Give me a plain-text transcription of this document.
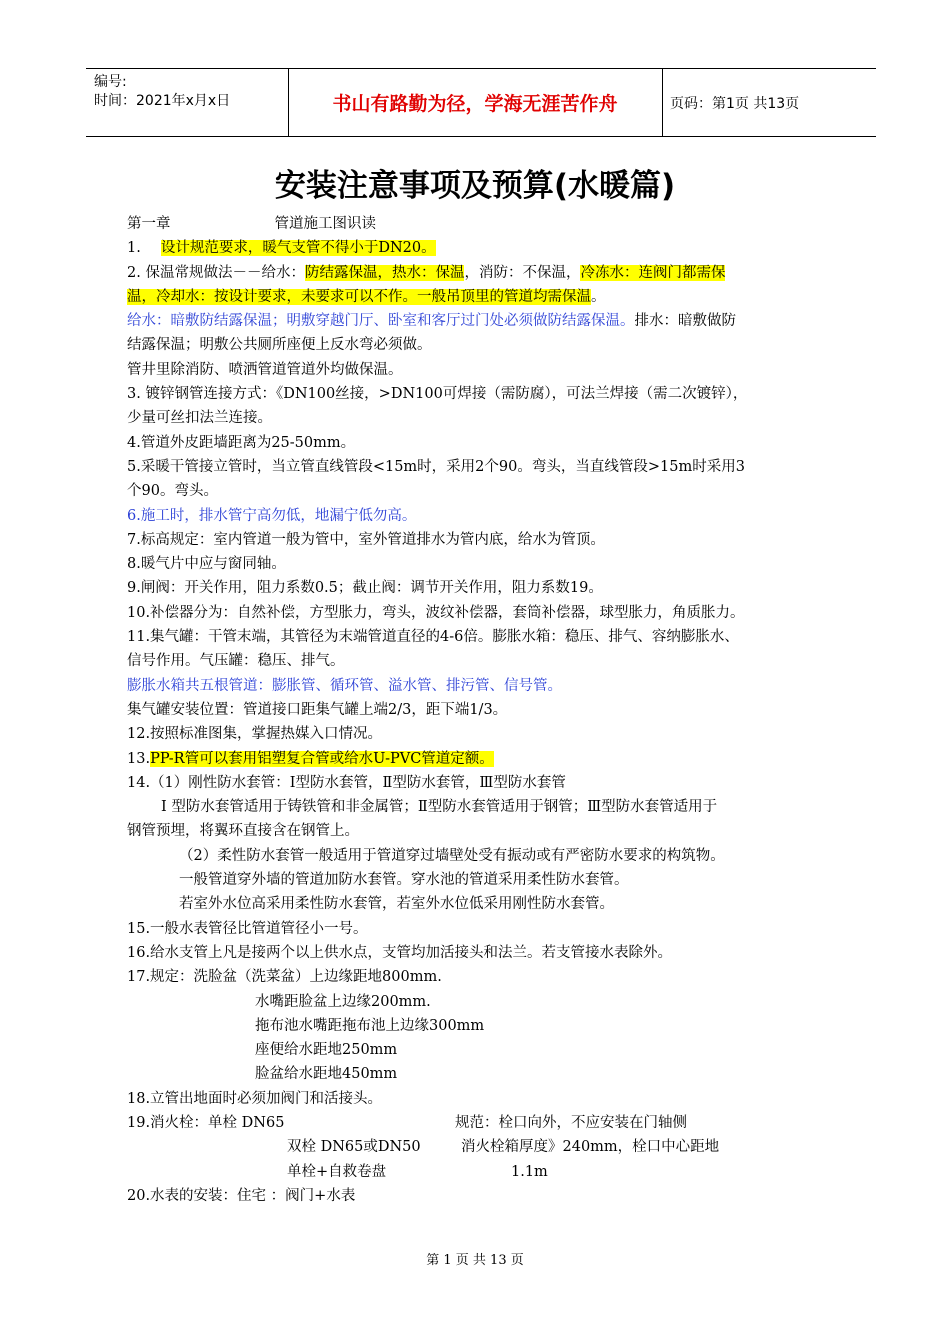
编号:
时间：2021年x月x日	书山有路勤为径，学海无涯苦作舟	页码：第1页 共13页
安装注意事项及预算(水暖篇)
第一章	管道施工图识读
1. 设计规范要求，暖气支管不得小于DN20。
2. 保温常规做法－－给水：防结露保温，热水：保温，消防：不保温，冷冻水：连阀门都需保
温，冷却水：按设计要求，未要求可以不作。一般吊顶里的管道均需保温。
给水：暗敷防结露保温；明敷穿越门厅、卧室和客厅过门处必须做防结露保温。排水：暗敷做防
结露保温；明敷公共厕所座便上反水弯必须做。
管井里除消防、喷洒管道管道外均做保温。
3. 镀锌钢管连接方式：《DN100丝接，>DN100可焊接（需防腐），可法兰焊接（需二次镀锌），
少量可丝扣法兰连接。
4.管道外皮距墙距离为25-50mm。
5.采暖干管接立管时，当立管直线管段<15m时，采用2个90。弯头，当直线管段>15m时采用3
个90。弯头。
6.施工时，排水管宁高勿低，地漏宁低勿高。
7.标高规定：室内管道一般为管中，室外管道排水为管内底，给水为管顶。
8.暖气片中应与窗同轴。
9.闸阀：开关作用，阻力系数0.5；截止阀：调节开关作用，阻力系数19。
10.补偿器分为：自然补偿，方型胀力，弯头，波纹补偿器，套筒补偿器，球型胀力，角质胀力。
11.集气罐：干管末端，其管径为末端管道直径的4-6倍。膨胀水箱：稳压、排气、容纳膨胀水、
信号作用。气压罐：稳压、排气。
膨胀水箱共五根管道：膨胀管、循环管、溢水管、排污管、信号管。
集气罐安装位置：管道接口距集气罐上端2/3，距下端1/3。
12.按照标准图集，掌握热媒入口情况。
13.PP-R管可以套用铝塑复合管或给水U-PVC管道定额。
14.（1）刚性防水套管：Ⅰ型防水套管，Ⅱ型防水套管，Ⅲ型防水套管
Ⅰ 型防水套管适用于铸铁管和非金属管；Ⅱ型防水套管适用于钢管；Ⅲ型防水套管适用于
钢管预埋，将翼环直接含在钢管上。
（2）柔性防水套管一般适用于管道穿过墙壁处受有振动或有严密防水要求的构筑物。
一般管道穿外墙的管道加防水套管。穿水池的管道采用柔性防水套管。
若室外水位高采用柔性防水套管，若室外水位低采用刚性防水套管。
15.一般水表管径比管道管径小一号。
16.给水支管上凡是接两个以上供水点，支管均加活接头和法兰。若支管接水表除外。
17.规定：洗脸盆（洗菜盆）上边缘距地800mm.
水嘴距脸盆上边缘200mm.
拖布池水嘴距拖布池上边缘300mm
座便给水距地250mm
脸盆给水距地450mm
18.立管出地面时必须加阀门和活接头。
19.消火栓：单栓 DN65	规范：栓口向外，不应安装在门轴侧
双栓 DN65或DN50	消火栓箱厚度》240mm，栓口中心距地
单栓+自救卷盘	1.1m
20.水表的安装：住宅 ：阀门+水表
第 1 页 共 13 页
